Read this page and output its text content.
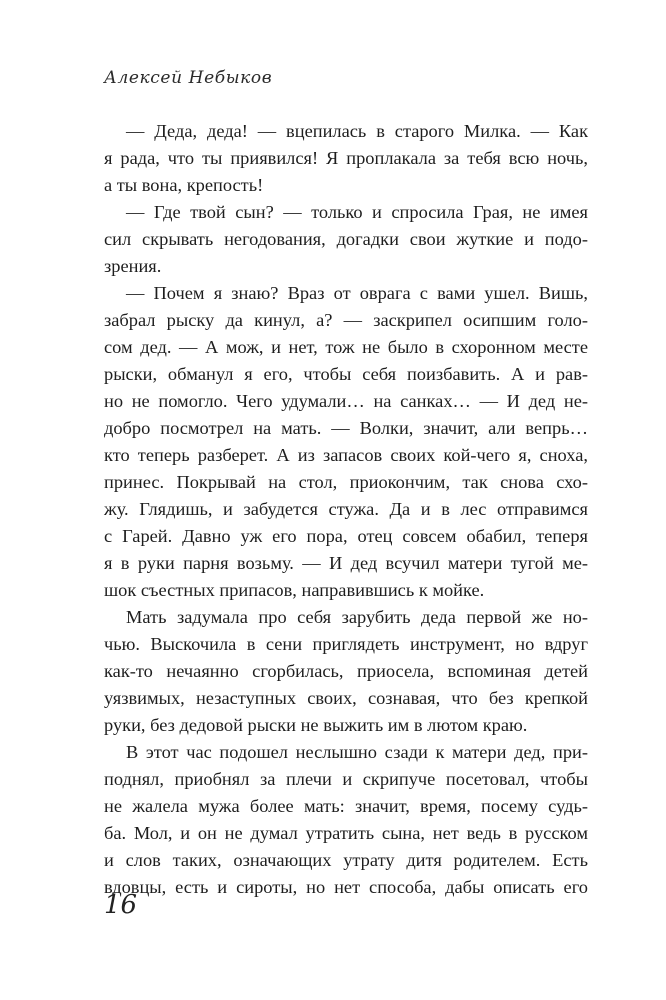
Алексей Небыков
— Деда, деда! — вцепилась в старого Милка. — Как
я рада, что ты приявился! Я проплакала за тебя всю ночь,
а ты вона, крепость!
— Где твой сын? — только и спросила Грая, не имея
сил скрывать негодования, догадки свои жуткие и подо-
зрения.
— Почем я знаю? Враз от оврага с вами ушел. Вишь,
забрал рыску да кинул, а? — заскрипел осипшим голо-
сом дед. — А мож, и нет, тож не было в схоронном месте
рыски, обманул я его, чтобы себя поизбавить. А и рав-
но не помогло. Чего удумали… на санках… — И дед не-
добро посмотрел на мать. — Волки, значит, али вепрь…
кто теперь разберет. А из запасов своих кой-чего я, сноха,
принес. Покрывай на стол, приокончим, так снова схо-
жу. Глядишь, и забудется стужа. Да и в лес отправимся
с Гарей. Давно уж его пора, отец совсем обабил, теперя
я в руки парня возьму. — И дед всучил матери тугой ме-
шок съестных припасов, направившись к мойке.
Мать задумала про себя зарубить деда первой же но-
чью. Выскочила в сени приглядеть инструмент, но вдруг
как-то нечаянно сгорбилась, приосела, вспоминая детей
уязвимых, незаступных своих, сознавая, что без крепкой
руки, без дедовой рыски не выжить им в лютом краю.
В этот час подошел неслышно сзади к матери дед, при-
поднял, приобнял за плечи и скрипуче посетовал, чтобы
не жалела мужа более мать: значит, время, посему судь-
ба. Мол, и он не думал утратить сына, нет ведь в русском
и слов таких, означающих утрату дитя родителем. Есть
вдовцы, есть и сироты, но нет способа, дабы описать его
16
